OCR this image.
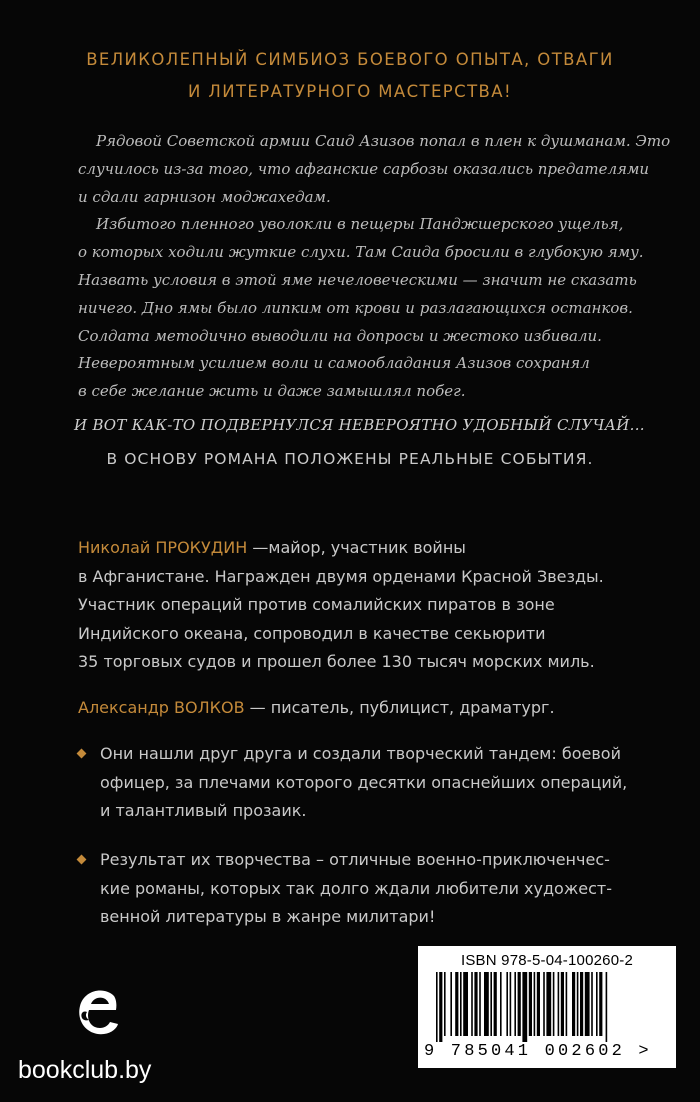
ВЕЛИКОЛЕПНЫЙ СИМБИОЗ БОЕВОГО ОПЫТА, ОТВАГИ
И ЛИТЕРАТУРНОГО МАСТЕРСТВА!
Рядовой Советской армии Саид Азизов попал в плен к душманам. Это
случилось из-за того, что афганские сарбозы оказались предателями
и сдали гарнизон моджахедам.
Избитого пленного уволокли в пещеры Панджшерского ущелья,
о которых ходили жуткие слухи. Там Саида бросили в глубокую яму.
Назвать условия в этой яме нечеловеческими — значит не сказать
ничего. Дно ямы было липким от крови и разлагающихся останков.
Солдата методично выводили на допросы и жестоко избивали.
Невероятным усилием воли и самообладания Азизов сохранял
в себе желание жить и даже замышлял побег.
И ВОТ КАК-ТО ПОДВЕРНУЛСЯ НЕВЕРОЯТНО УДОБНЫЙ СЛУЧАЙ...
В ОСНОВУ РОМАНА ПОЛОЖЕНЫ РЕАЛЬНЫЕ СОБЫТИЯ.
Николай ПРОКУДИН —майор, участник войны
в Афганистане. Награжден двумя орденами Красной Звезды.
Участник операций против сомалийских пиратов в зоне
Индийского океана, сопроводил в качестве секьюрити
35 торговых судов и прошел более 130 тысяч морских миль.
Александр ВОЛКОВ — писатель, публицист, драматург.
Они нашли друг друга и создали творческий тандем: боевой
офицер, за плечами которого десятки опаснейших операций,
и талантливый прозаик.
Результат их творчества – отличные военно-приключенчес-
кие романы, которых так долго ждали любители художест-
венной литературы в жанре милитари!
ISBN 978-5-04-100260-2
9 785041 002602 >
bookclub.by
